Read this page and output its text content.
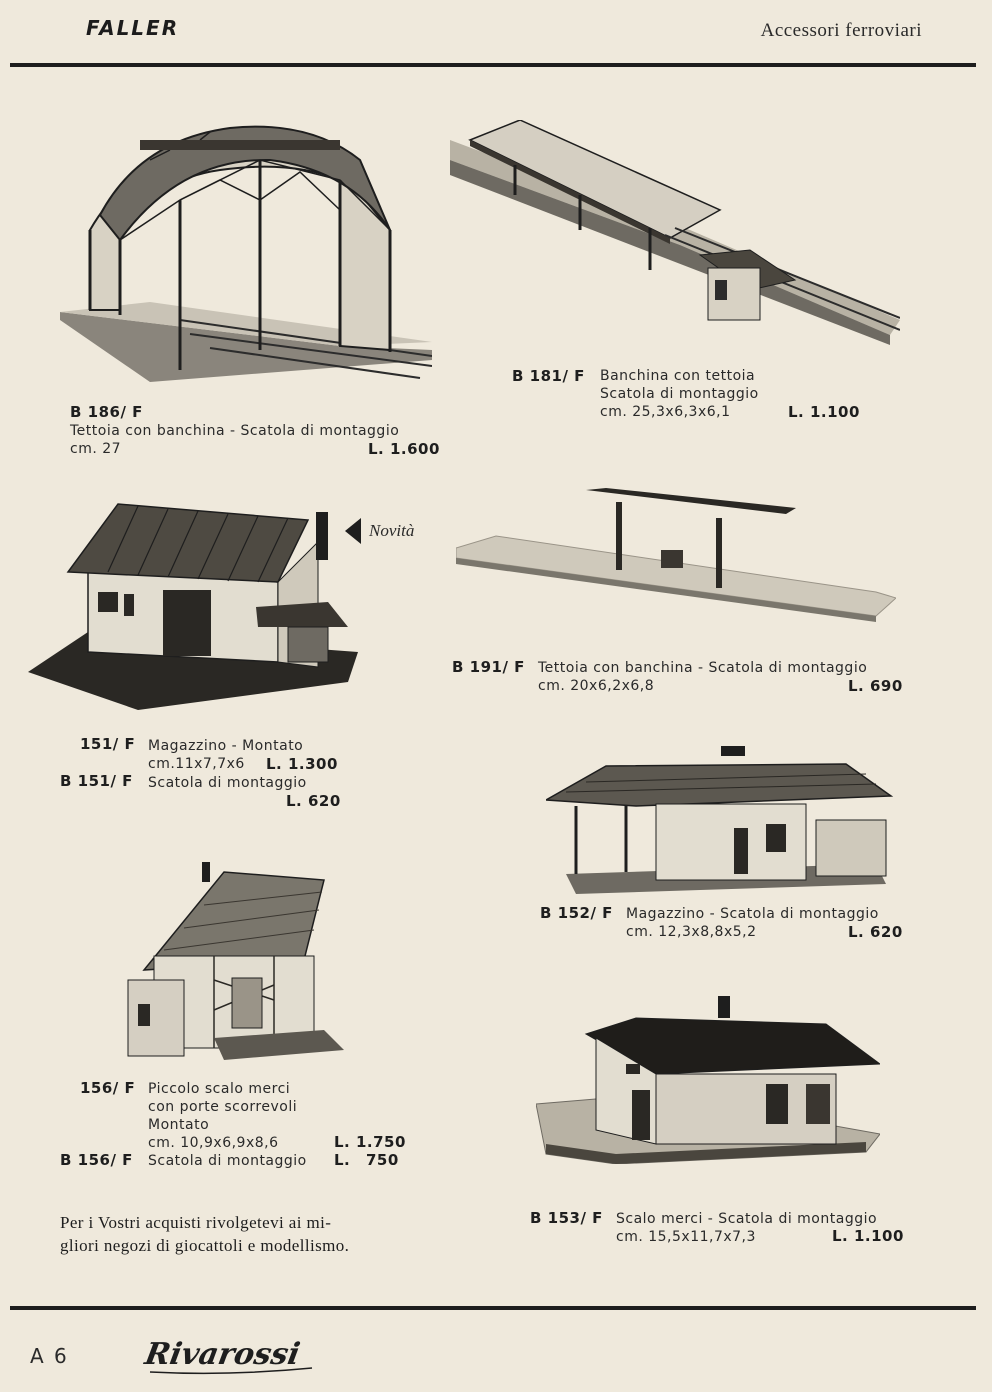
FALLER	Accessori ferroviari
B 186/ F
Tettoia con banchina - Scatola di montaggio
cm. 27	L. 1.600
B 181/ F Banchina con tettoia
Scatola di montaggio
cm. 25,3x6,3x6,1	L. 1.100
Novità
151/ F Magazzino - Montato
cm.11x7,7x6 L. 1.300
B 151/ F Scatola di montaggio
L. 620
B 191/ F Tettoia con banchina - Scatola di montaggio
cm. 20x6,2x6,8	L. 690
B 152/ F Magazzino - Scatola di montaggio
cm. 12,3x8,8x5,2	L. 620
156/ F Piccolo scalo merci
con porte scorrevoli
Montato
cm. 10,9x6,9x8,6	L. 1.750
B 156/ F Scatola di montaggio L. 750
B 153/ F Scalo merci - Scatola di montaggio
cm. 15,5x11,7x7,3	L. 1.100
Per i Vostri acquisti rivolgetevi ai mi-
gliori negozi di giocattoli e modellismo.
A 6 Rivarossi
